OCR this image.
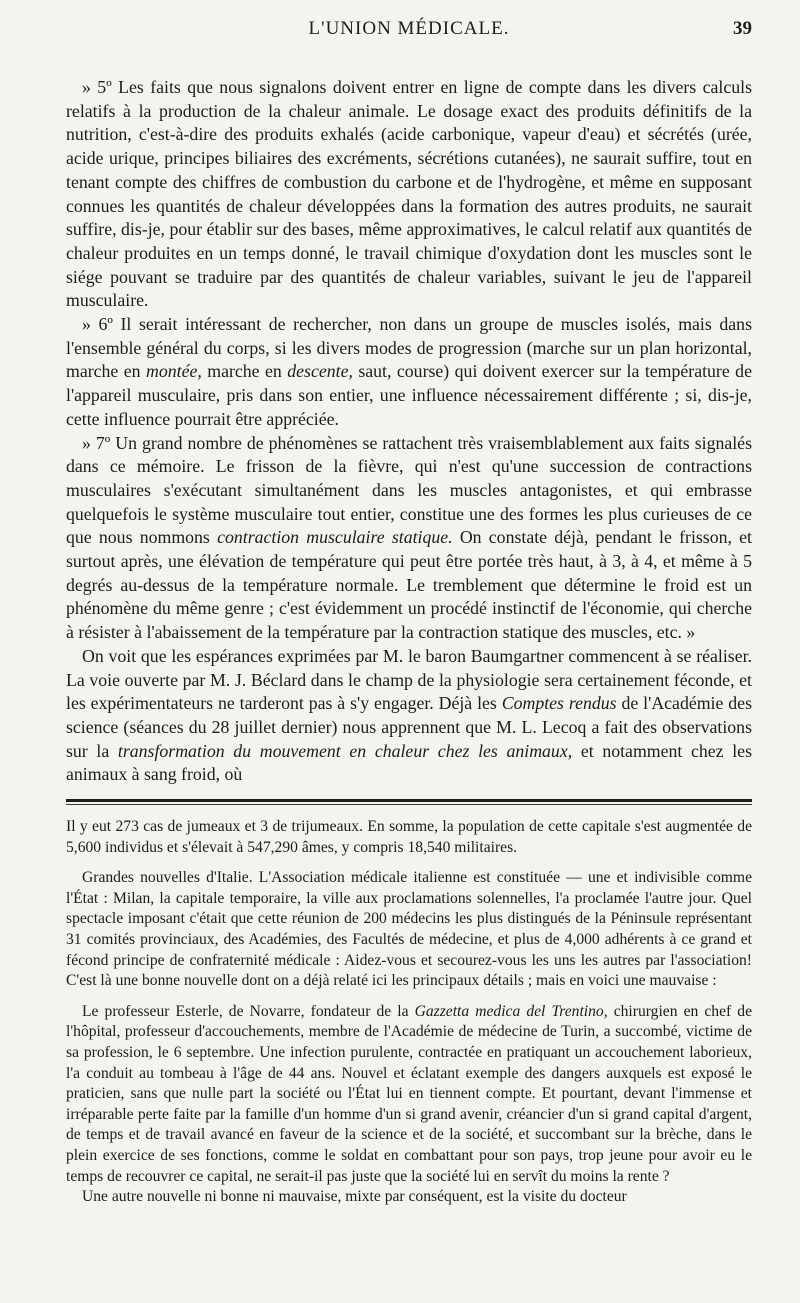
L'UNION MÉDICALE.	39

» 5º Les faits que nous signalons doivent entrer en ligne de compte dans les divers calculs relatifs à la production de la chaleur animale. Le dosage exact des produits définitifs de la nutrition, c'est-à-dire des produits exhalés (acide carbonique, vapeur d'eau) et sécrétés (urée, acide urique, principes biliaires des excréments, sécrétions cutanées), ne saurait suffire, tout en tenant compte des chiffres de combustion du carbone et de l'hydrogène, et même en supposant connues les quantités de chaleur développées dans la formation des autres produits, ne saurait suffire, dis-je, pour établir sur des bases, même approximatives, le calcul relatif aux quantités de chaleur produites en un temps donné, le travail chimique d'oxydation dont les muscles sont le siége pouvant se traduire par des quantités de chaleur variables, suivant le jeu de l'appareil musculaire.

» 6º Il serait intéressant de rechercher, non dans un groupe de muscles isolés, mais dans l'ensemble général du corps, si les divers modes de progression (marche sur un plan horizontal, marche en montée, marche en descente, saut, course) qui doivent exercer sur la température de l'appareil musculaire, pris dans son entier, une influence nécessairement différente ; si, dis-je, cette influence pourrait être appréciée.

» 7º Un grand nombre de phénomènes se rattachent très vraisemblablement aux faits signalés dans ce mémoire. Le frisson de la fièvre, qui n'est qu'une succession de contractions musculaires s'exécutant simultanément dans les muscles antagonistes, et qui embrasse quelquefois le système musculaire tout entier, constitue une des formes les plus curieuses de ce que nous nommons contraction musculaire statique. On constate déjà, pendant le frisson, et surtout après, une élévation de température qui peut être portée très haut, à 3, à 4, et même à 5 degrés au-dessus de la température normale. Le tremblement que détermine le froid est un phénomène du même genre ; c'est évidemment un procédé instinctif de l'économie, qui cherche à résister à l'abaissement de la température par la contraction statique des muscles, etc. »

On voit que les espérances exprimées par M. le baron Baumgartner commencent à se réaliser. La voie ouverte par M. J. Béclard dans le champ de la physiologie sera certainement féconde, et les expérimentateurs ne tarderont pas à s'y engager. Déjà les Comptes rendus de l'Académie des science (séances du 28 juillet dernier) nous apprennent que M. L. Lecoq a fait des observations sur la transformation du mouvement en chaleur chez les animaux, et notamment chez les animaux à sang froid, où

Il y eut 273 cas de jumeaux et 3 de trijumeaux. En somme, la population de cette capitale s'est augmentée de 5,600 individus et s'élevait à 547,290 âmes, y compris 18,540 militaires.

Grandes nouvelles d'Italie. L'Association médicale italienne est constituée — une et indivisible comme l'État : Milan, la capitale temporaire, la ville aux proclamations solennelles, l'a proclamée l'autre jour. Quel spectacle imposant c'était que cette réunion de 200 médecins les plus distingués de la Péninsule représentant 31 comités provinciaux, des Académies, des Facultés de médecine, et plus de 4,000 adhérents à ce grand et fécond principe de confraternité médicale : Aidez-vous et secourez-vous les uns les autres par l'association! C'est là une bonne nouvelle dont on a déjà relaté ici les principaux détails ; mais en voici une mauvaise :

Le professeur Esterle, de Novarre, fondateur de la Gazzetta medica del Trentino, chirurgien en chef de l'hôpital, professeur d'accouchements, membre de l'Académie de médecine de Turin, a succombé, victime de sa profession, le 6 septembre. Une infection purulente, contractée en pratiquant un accouchement laborieux, l'a conduit au tombeau à l'âge de 44 ans. Nouvel et éclatant exemple des dangers auxquels est exposé le praticien, sans que nulle part la société ou l'État lui en tiennent compte. Et pourtant, devant l'immense et irréparable perte faite par la famille d'un homme d'un si grand avenir, créancier d'un si grand capital d'argent, de temps et de travail avancé en faveur de la science et de la société, et succombant sur la brèche, dans le plein exercice de ses fonctions, comme le soldat en combattant pour son pays, trop jeune pour avoir eu le temps de recouvrer ce capital, ne serait-il pas juste que la société lui en servît du moins la rente ?

Une autre nouvelle ni bonne ni mauvaise, mixte par conséquent, est la visite du docteur
